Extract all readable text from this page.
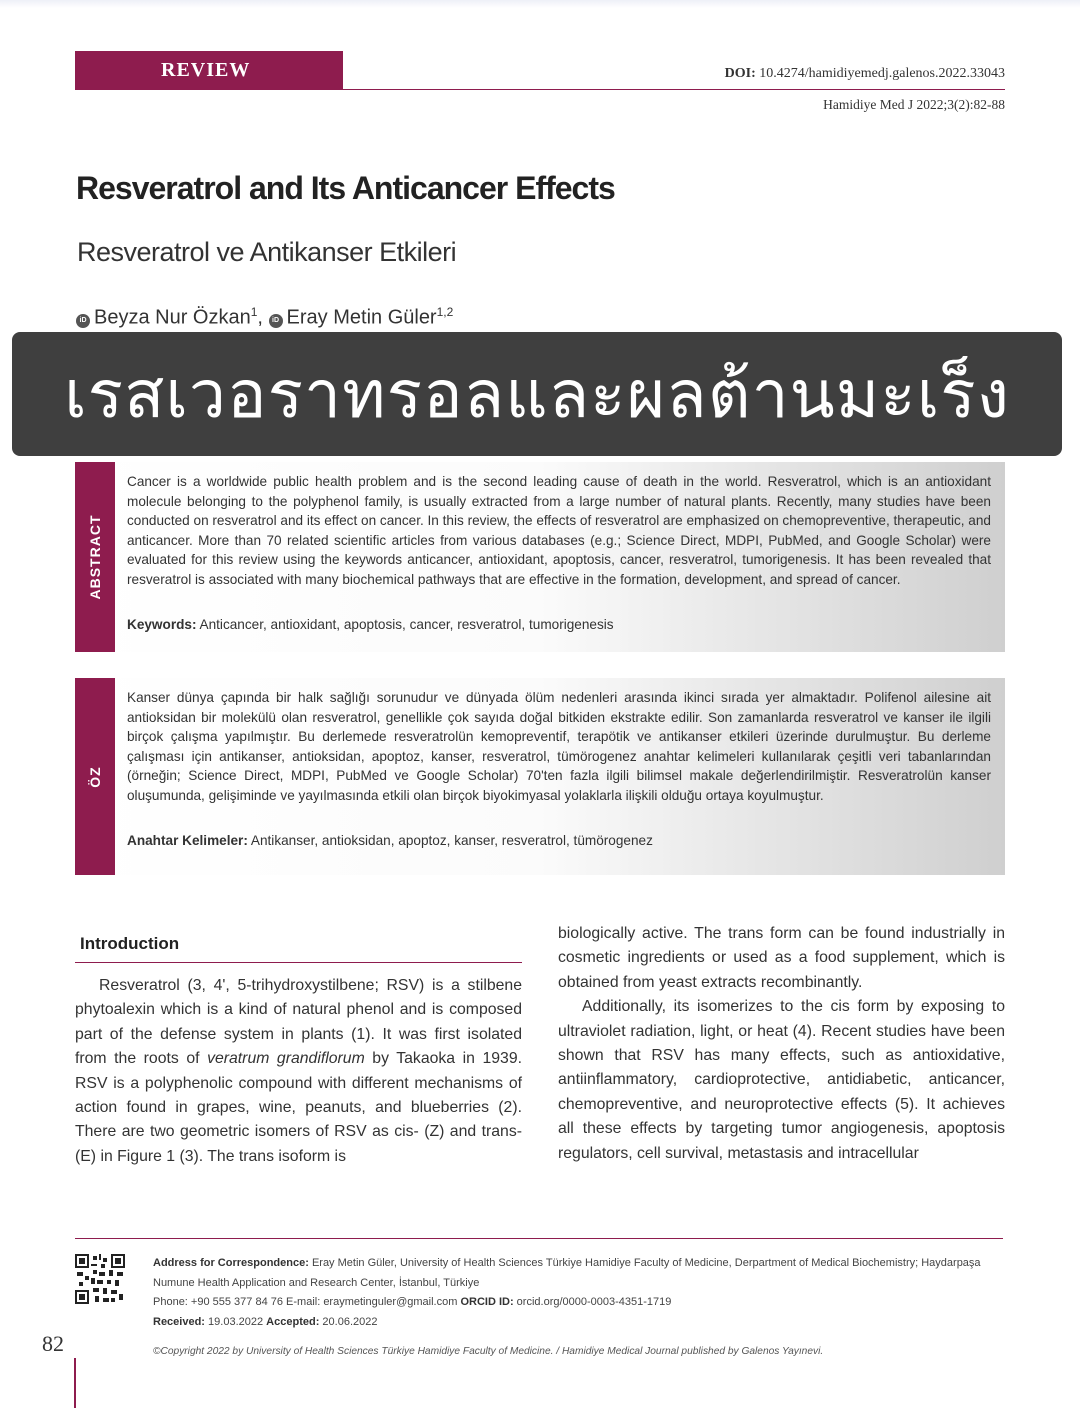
REVIEW	DOI: 10.4274/hamidiyemedj.galenos.2022.33043
Hamidiye Med J 2022;3(2):82-88
Resveratrol and Its Anticancer Effects
Resveratrol ve Antikanser Etkileri
iD Beyza Nur Özkan$^1$, iD Eray Metin Güler$^{1,2}$
เรสเวอราทรอลและผลต้านมะเร็ง
ABSTRACT
Cancer is a worldwide public health problem and is the second leading cause of death in the world. Resveratrol, which is an antioxidant molecule belonging to the polyphenol family, is usually extracted from a large number of natural plants. Recently, many studies have been conducted on resveratrol and its effect on cancer. In this review, the effects of resveratrol are emphasized on chemopreventive, therapeutic, and anticancer. More than 70 related scientific articles from various databases (e.g.; Science Direct, MDPI, PubMed, and Google Scholar) were evaluated for this review using the keywords anticancer, antioxidant, apoptosis, cancer, resveratrol, tumorigenesis. It has been revealed that resveratrol is associated with many biochemical pathways that are effective in the formation, development, and spread of cancer.
Keywords: Anticancer, antioxidant, apoptosis, cancer, resveratrol, tumorigenesis
ÖZ
Kanser dünya çapında bir halk sağlığı sorunudur ve dünyada ölüm nedenleri arasında ikinci sırada yer almaktadır. Polifenol ailesine ait antioksidan bir molekülü olan resveratrol, genellikle çok sayıda doğal bitkiden ekstrakte edilir. Son zamanlarda resveratrol ve kanser ile ilgili birçok çalışma yapılmıştır. Bu derlemede resveratrolün kemopreventif, terapötik ve antikanser etkileri üzerinde durulmuştur. Bu derleme çalışması için antikanser, antioksidan, apoptoz, kanser, resveratrol, tümörogenez anahtar kelimeleri kullanılarak çeşitli veri tabanlarından (örneğin; Science Direct, MDPI, PubMed ve Google Scholar) 70'ten fazla ilgili bilimsel makale değerlendirilmiştir. Resveratrolün kanser oluşumunda, gelişiminde ve yayılmasında etkili olan birçok biyokimyasal yolaklarla ilişkili olduğu ortaya koyulmuştur.
Anahtar Kelimeler: Antikanser, antioksidan, apoptoz, kanser, resveratrol, tümörogenez
Introduction

Resveratrol (3, 4', 5-trihydroxystilbene; RSV) is a stilbene phytoalexin which is a kind of natural phenol and is composed part of the defense system in plants (1). It was first isolated from the roots of veratrum grandiflorum by Takaoka in 1939. RSV is a polyphenolic compound with different mechanisms of action found in grapes, wine, peanuts, and blueberries (2). There are two geometric isomers of RSV as cis- (Z) and trans- (E) in Figure 1 (3). The trans isoform is

biologically active. The trans form can be found industrially in cosmetic ingredients or used as a food supplement, which is obtained from yeast extracts recombinantly.

Additionally, its isomerizes to the cis form by exposing to ultraviolet radiation, light, or heat (4). Recent studies have been shown that RSV has many effects, such as antioxidative, antiinflammatory, cardioprotective, antidiabetic, anticancer, chemopreventive, and neuroprotective effects (5). It achieves all these effects by targeting tumor angiogenesis, apoptosis regulators, cell survival, metastasis and intracellular

Address for Correspondence: Eray Metin Güler, University of Health Sciences Türkiye Hamidiye Faculty of Medicine, Derpartment of Medical Biochemistry; Haydarpaşa Numune Health Application and Research Center, İstanbul, Türkiye
Phone: +90 555 377 84 76 E-mail: eraymetinguler@gmail.com ORCID ID: orcid.org/0000-0003-4351-1719
Received: 19.03.2022 Accepted: 20.06.2022
©Copyright 2022 by University of Health Sciences Türkiye Hamidiye Faculty of Medicine. / Hamidiye Medical Journal published by Galenos Yayınevi.
82
